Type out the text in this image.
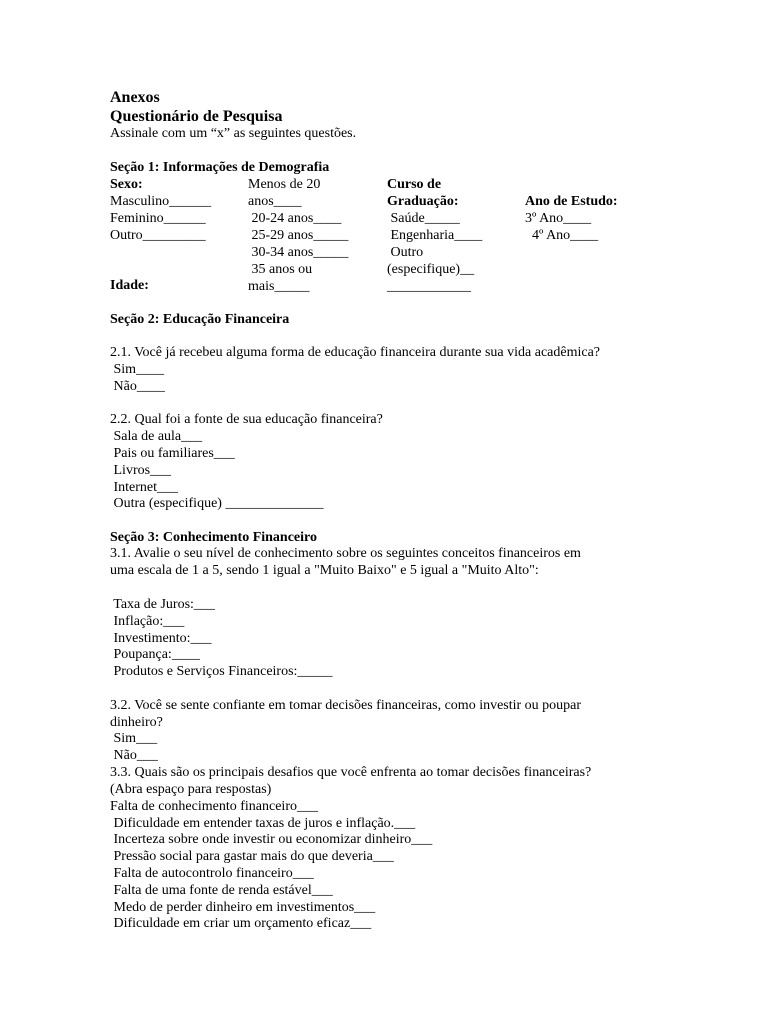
Anexos
Questionário de Pesquisa
Assinale com um “x” as seguintes questões.
Seção 1: Informações de Demografia
Sexo:
Masculino______
Feminino______
Outro_________
Idade:
Menos de 20
anos____
20-24 anos____
25-29 anos_____
30-34 anos_____
35 anos ou
mais_____
Curso de
Graduação:
Saúde_____
Engenharia____
Outro
(especifique)__
____________
Ano de Estudo:
3º Ano____
4º Ano____
Seção 2: Educação Financeira
2.1. Você já recebeu alguma forma de educação financeira durante sua vida acadêmica?
Sim____
Não____
2.2. Qual foi a fonte de sua educação financeira?
Sala de aula___
Pais ou familiares___
Livros___
Internet___
Outra (especifique) ______________
Seção 3: Conhecimento Financeiro
3.1. Avalie o seu nível de conhecimento sobre os seguintes conceitos financeiros em
uma escala de 1 a 5, sendo 1 igual a "Muito Baixo" e 5 igual a "Muito Alto":
Taxa de Juros:___
Inflação:___
Investimento:___
Poupança:____
Produtos e Serviços Financeiros:_____
3.2. Você se sente confiante em tomar decisões financeiras, como investir ou poupar
dinheiro?
Sim___
Não___
3.3. Quais são os principais desafios que você enfrenta ao tomar decisões financeiras?
(Abra espaço para respostas)
Falta de conhecimento financeiro___
Dificuldade em entender taxas de juros e inflação.___
Incerteza sobre onde investir ou economizar dinheiro___
Pressão social para gastar mais do que deveria___
Falta de autocontrolo financeiro___
Falta de uma fonte de renda estável___
Medo de perder dinheiro em investimentos___
Dificuldade em criar um orçamento eficaz___
